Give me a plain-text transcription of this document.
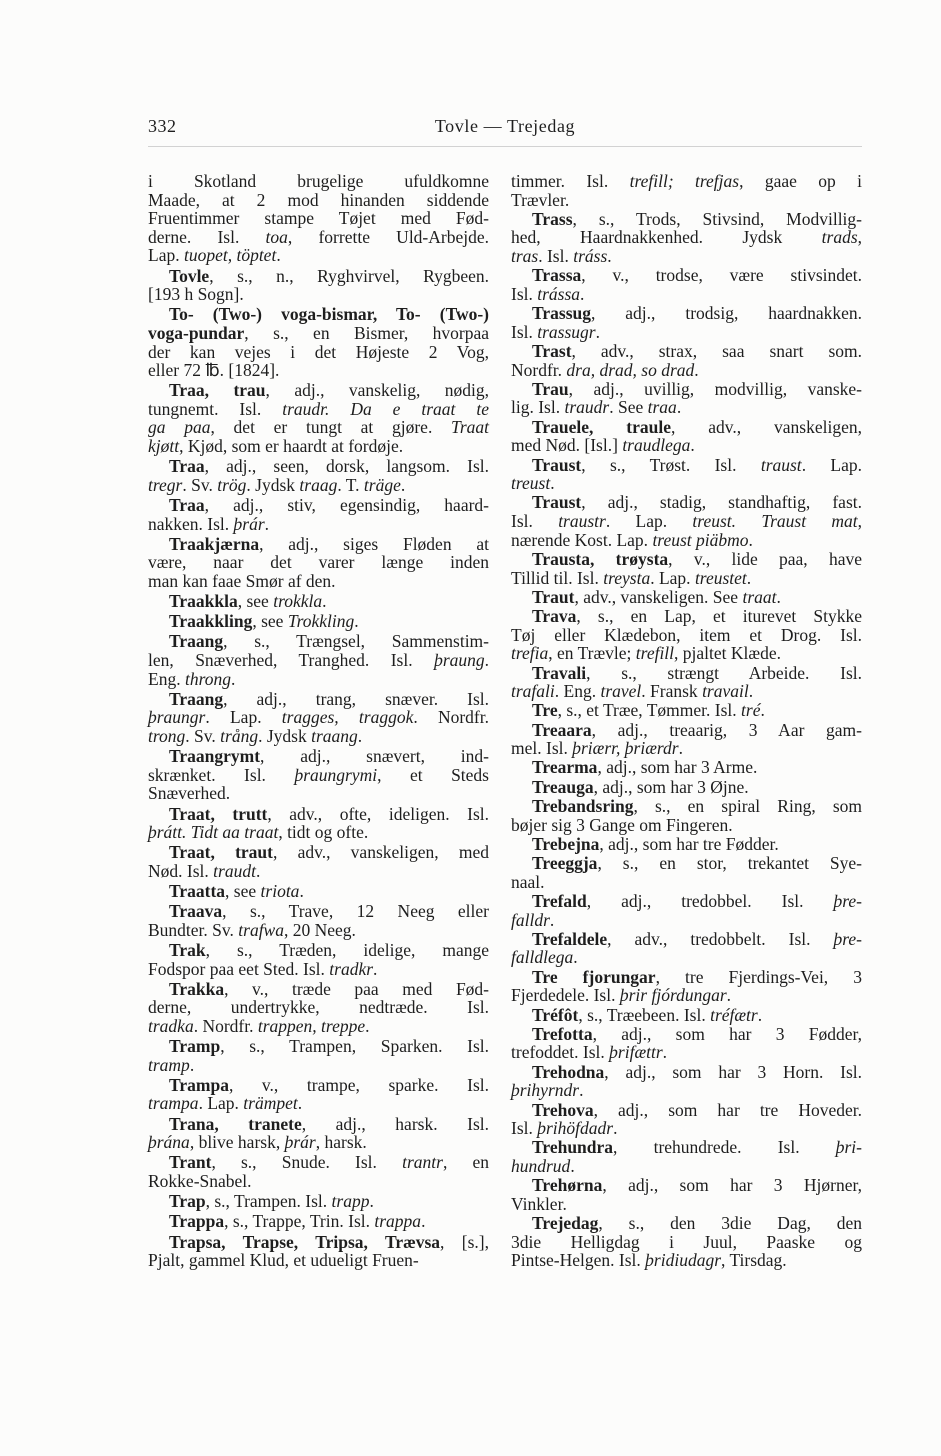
332	Tovle — Trejedag
i Skotland brugelige ufuldkomne
Maade, at 2 mod hinanden siddende
Fruentimmer stampe Tøjet med Fød-
derne. Isl. toa, forrette Uld-Arbejde.
Lap. tuopet, töptet.
Tovle, s., n., Ryghvirvel, Rygbeen.
[193 h Sogn].
To- (Two-) voga-bismar, To- (Two-)
voga-pundar, s., en Bismer, hvorpaa
der kan vejes i det Højeste 2 Vog,
eller 72 ℔. [1824].
Traa, trau, adj., vanskelig, nødig,
tungnemt. Isl. traudr. Da e traat te
ga paa, det er tungt at gjøre. Traat
kjøtt, Kjød, som er haardt at fordøje.
Traa, adj., seen, dorsk, langsom. Isl.
tregr. Sv. trög. Jydsk traag. T. träge.
Traa, adj., stiv, egensindig, haard-
nakken. Isl. þrár.
Traakjærna, adj., siges Fløden at
være, naar det varer længe inden
man kan faae Smør af den.
Traakkla, see trokkla.
Traakkling, see Trokkling.
Traang, s., Trængsel, Sammenstim-
len, Snæverhed, Tranghed. Isl. þraung.
Eng. throng.
Traang, adj., trang, snæver. Isl.
þraungr. Lap. tragges, traggok. Nordfr.
trong. Sv. trång. Jydsk traang.
Traangrymt, adj., snævert, ind-
skrænket. Isl. þraungrymi, et Steds
Snæverhed.
Traat, trutt, adv., ofte, ideligen. Isl.
þrátt. Tidt aa traat, tidt og ofte.
Traat, traut, adv., vanskeligen, med
Nød. Isl. traudt.
Traatta, see triota.
Traava, s., Trave, 12 Neeg eller
Bundter. Sv. trafwa, 20 Neeg.
Trak, s., Træden, idelige, mange
Fodspor paa eet Sted. Isl. tradkr.
Trakka, v., træde paa med Fød-
derne, undertrykke, nedtræde. Isl.
tradka. Nordfr. trappen, treppe.
Tramp, s., Trampen, Sparken. Isl.
tramp.
Trampa, v., trampe, sparke. Isl.
trampa. Lap. trämpet.
Trana, tranete, adj., harsk. Isl.
þrána, blive harsk, þrár, harsk.
Trant, s., Snude. Isl. trantr, en
Rokke-Snabel.
Trap, s., Trampen. Isl. trapp.
Trappa, s., Trappe, Trin. Isl. trappa.
Trapsa, Trapse, Tripsa, Trævsa, [s.],
Pjalt, gammel Klud, et udueligt Fruen-
timmer. Isl. trefill; trefjas, gaae op i
Trævler.
Trass, s., Trods, Stivsind, Modvillig-
hed, Haardnakkenhed. Jydsk trads,
tras. Isl. tráss.
Trassa, v., trodse, være stivsindet.
Isl. trássa.
Trassug, adj., trodsig, haardnakken.
Isl. trassugr.
Trast, adv., strax, saa snart som.
Nordfr. dra, drad, so drad.
Trau, adj., uvillig, modvillig, vanske-
lig. Isl. traudr. See traa.
Trauele, traule, adv., vanskeligen,
med Nød. [Isl.] traudlega.
Traust, s., Trøst. Isl. traust. Lap.
treust.
Traust, adj., stadig, standhaftig, fast.
Isl. traustr. Lap. treust. Traust mat,
nærende Kost. Lap. treust piäbmo.
Trausta, trøysta, v., lide paa, have
Tillid til. Isl. treysta. Lap. treustet.
Traut, adv., vanskeligen. See traat.
Trava, s., en Lap, et iturevet Stykke
Tøj eller Klædebon, item et Drog. Isl.
trefia, en Trævle; trefill, pjaltet Klæde.
Travali, s., strængt Arbeide. Isl.
trafali. Eng. travel. Fransk travail.
Tre, s., et Træe, Tømmer. Isl. tré.
Treaara, adj., treaarig, 3 Aar gam-
mel. Isl. þriærr, þriærdr.
Trearma, adj., som har 3 Arme.
Treauga, adj., som har 3 Øjne.
Trebandsring, s., en spiral Ring, som
bøjer sig 3 Gange om Fingeren.
Trebejna, adj., som har tre Fødder.
Treeggja, s., en stor, trekantet Sye-
naal.
Trefald, adj., tredobbel. Isl. þre-
falldr.
Trefaldele, adv., tredobbelt. Isl. þre-
falldlega.
Tre fjorungar, tre Fjerdings-Vei, 3
Fjerdedele. Isl. þrir fjórdungar.
Tréfôt, s., Træebeen. Isl. tréfætr.
Trefotta, adj., som har 3 Fødder,
trefoddet. Isl. þrifættr.
Trehodna, adj., som har 3 Horn. Isl.
þrihyrndr.
Trehova, adj., som har tre Hoveder.
Isl. þrihöfdadr.
Trehundra, trehundrede. Isl. þri-
hundrud.
Trehørna, adj., som har 3 Hjørner,
Vinkler.
Trejedag, s., den 3die Dag, den
3die Helligdag i Juul, Paaske og
Pintse-Helgen. Isl. þridiudagr, Tirsdag.
